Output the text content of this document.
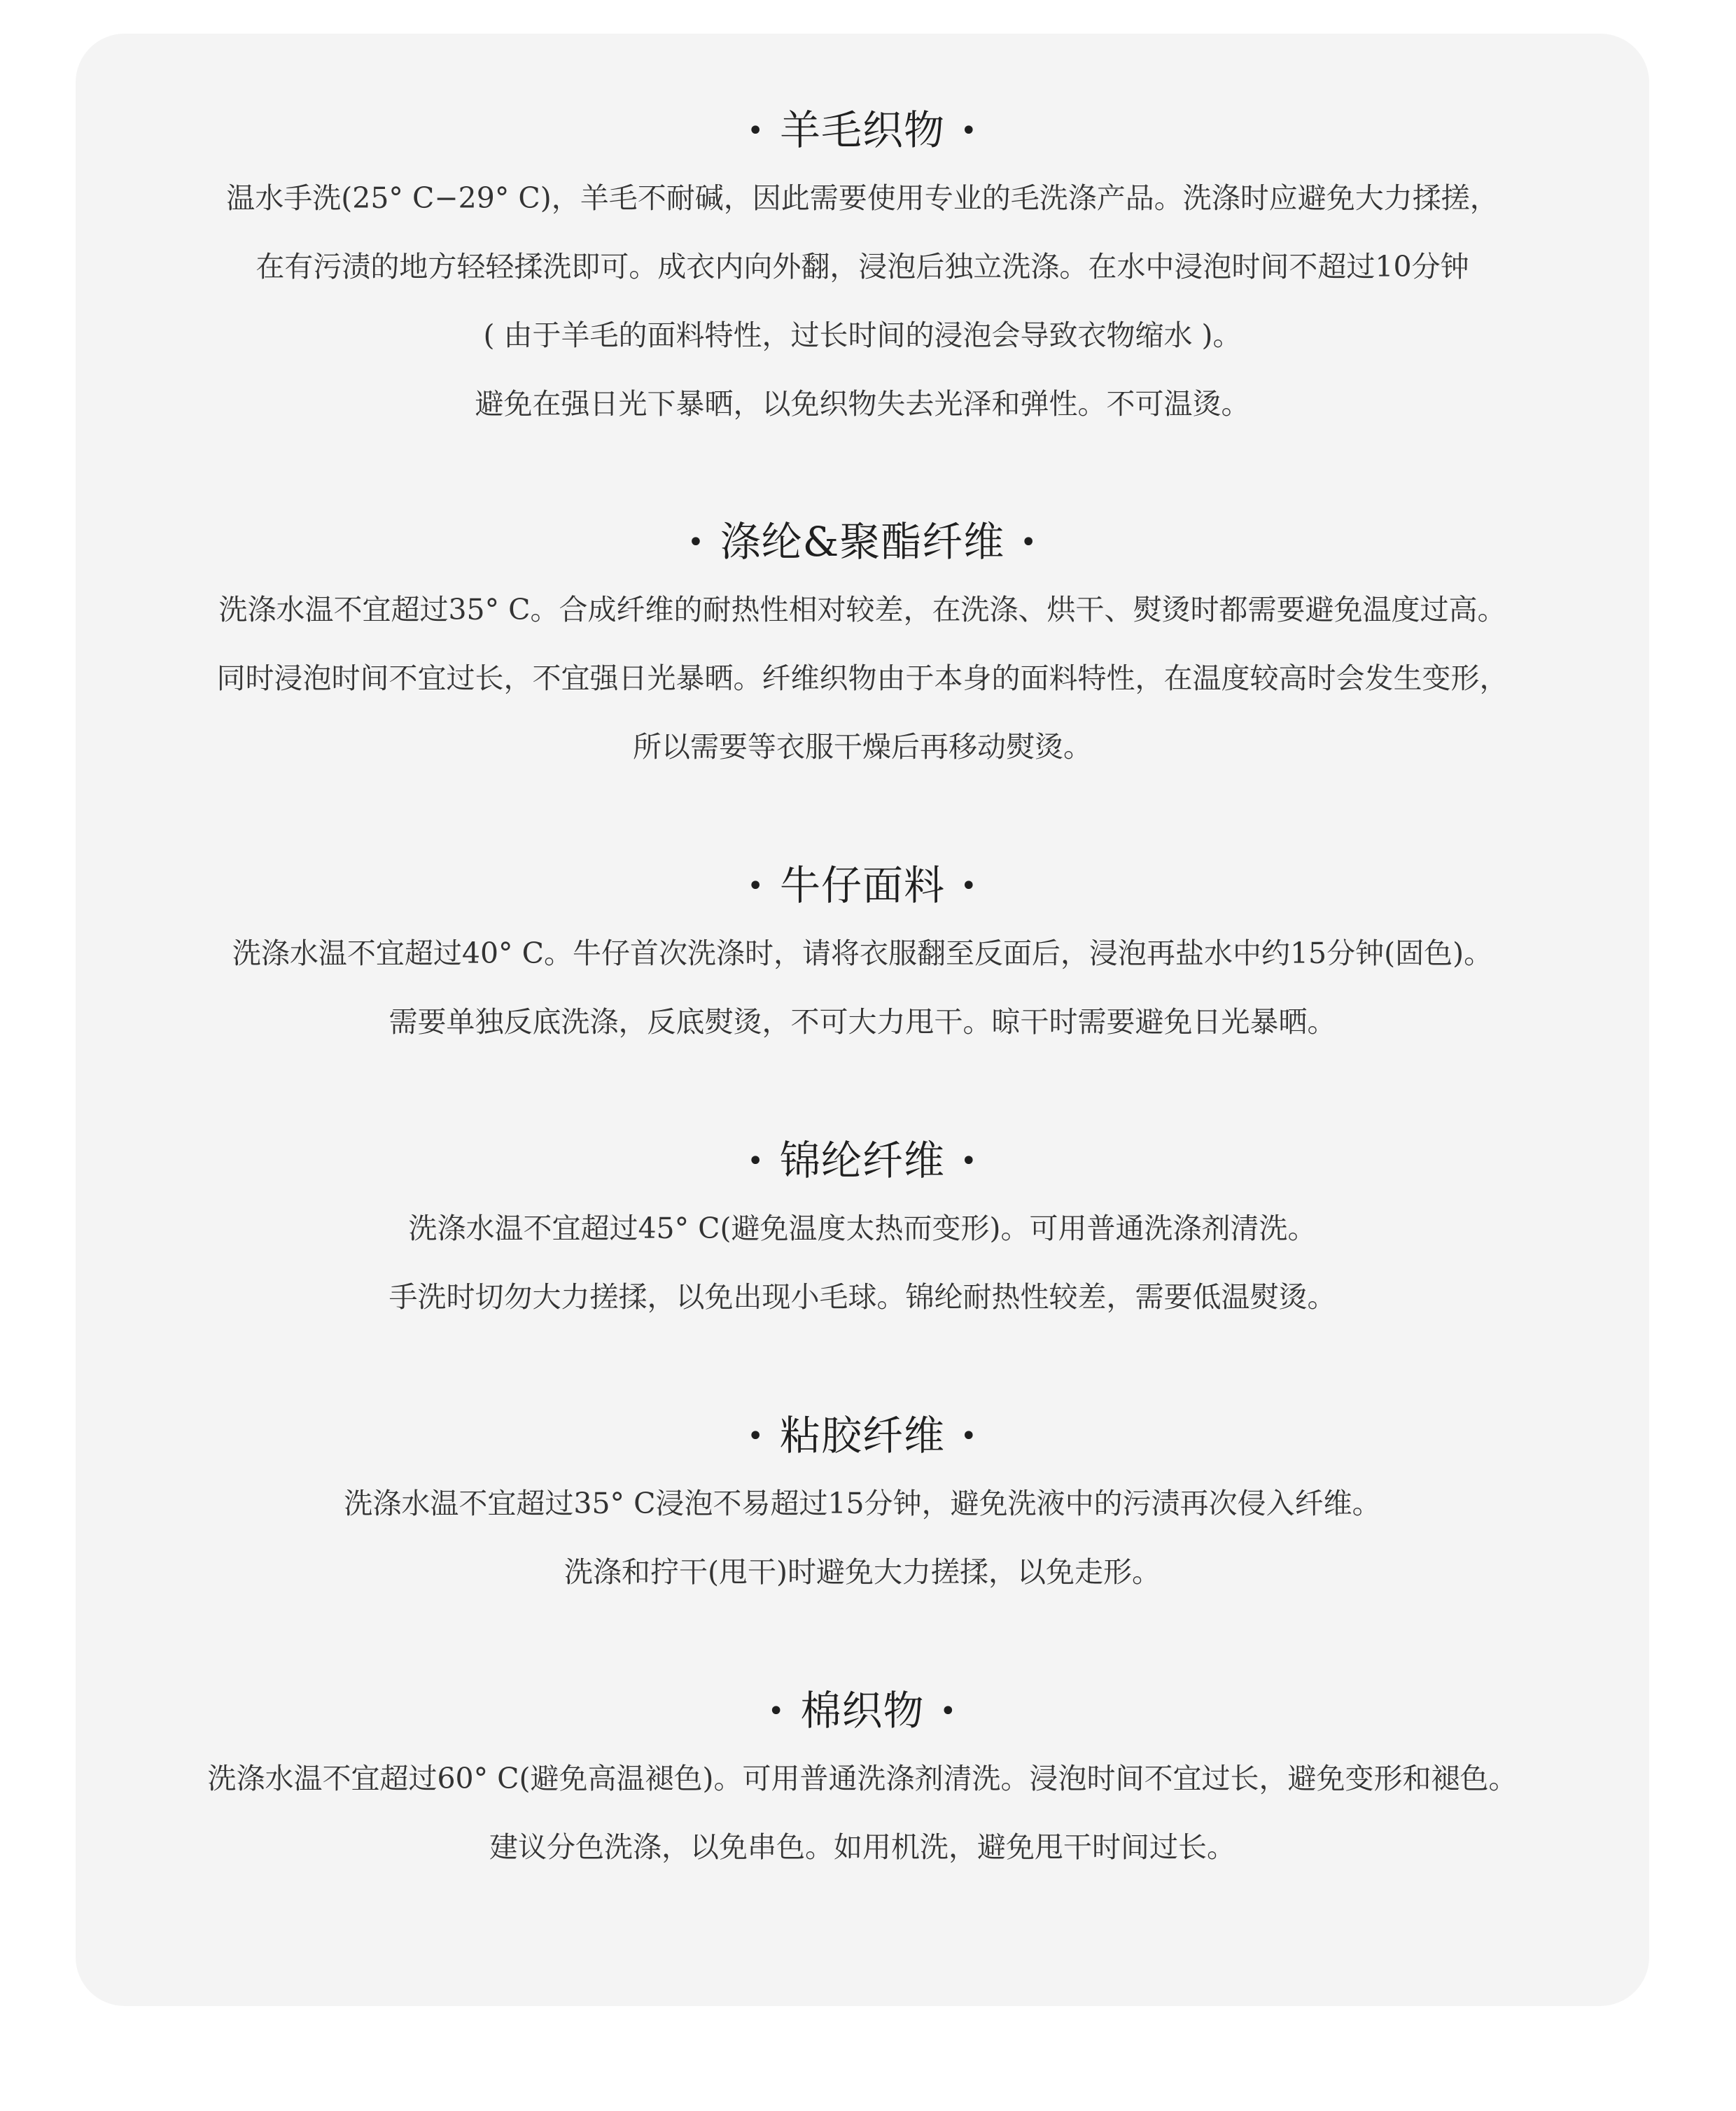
• 羊毛织物 •
温水手洗(25° C−29° C)，羊毛不耐碱，因此需要使用专业的毛洗涤产品。洗涤时应避免大力揉搓，
在有污渍的地方轻轻揉洗即可。成衣内向外翻，浸泡后独立洗涤。在水中浸泡时间不超过10分钟
( 由于羊毛的面料特性，过长时间的浸泡会导致衣物缩水 )。
避免在强日光下暴晒，以免织物失去光泽和弹性。不可温烫。
• 涤纶&聚酯纤维 •
洗涤水温不宜超过35° C。合成纤维的耐热性相对较差，在洗涤、烘干、熨烫时都需要避免温度过高。
同时浸泡时间不宜过长，不宜强日光暴晒。纤维织物由于本身的面料特性，在温度较高时会发生变形，
所以需要等衣服干燥后再移动熨烫。
• 牛仔面料 •
洗涤水温不宜超过40° C。牛仔首次洗涤时，请将衣服翻至反面后，浸泡再盐水中约15分钟(固色)。
需要单独反底洗涤，反底熨烫，不可大力甩干。晾干时需要避免日光暴晒。
• 锦纶纤维 •
洗涤水温不宜超过45° C(避免温度太热而变形)。可用普通洗涤剂清洗。
手洗时切勿大力搓揉，以免出现小毛球。锦纶耐热性较差，需要低温熨烫。
• 粘胶纤维 •
洗涤水温不宜超过35° C浸泡不易超过15分钟，避免洗液中的污渍再次侵入纤维。
洗涤和拧干(甩干)时避免大力搓揉，以免走形。
• 棉织物 •
洗涤水温不宜超过60° C(避免高温褪色)。可用普通洗涤剂清洗。浸泡时间不宜过长，避免变形和褪色。
建议分色洗涤，以免串色。如用机洗，避免甩干时间过长。
